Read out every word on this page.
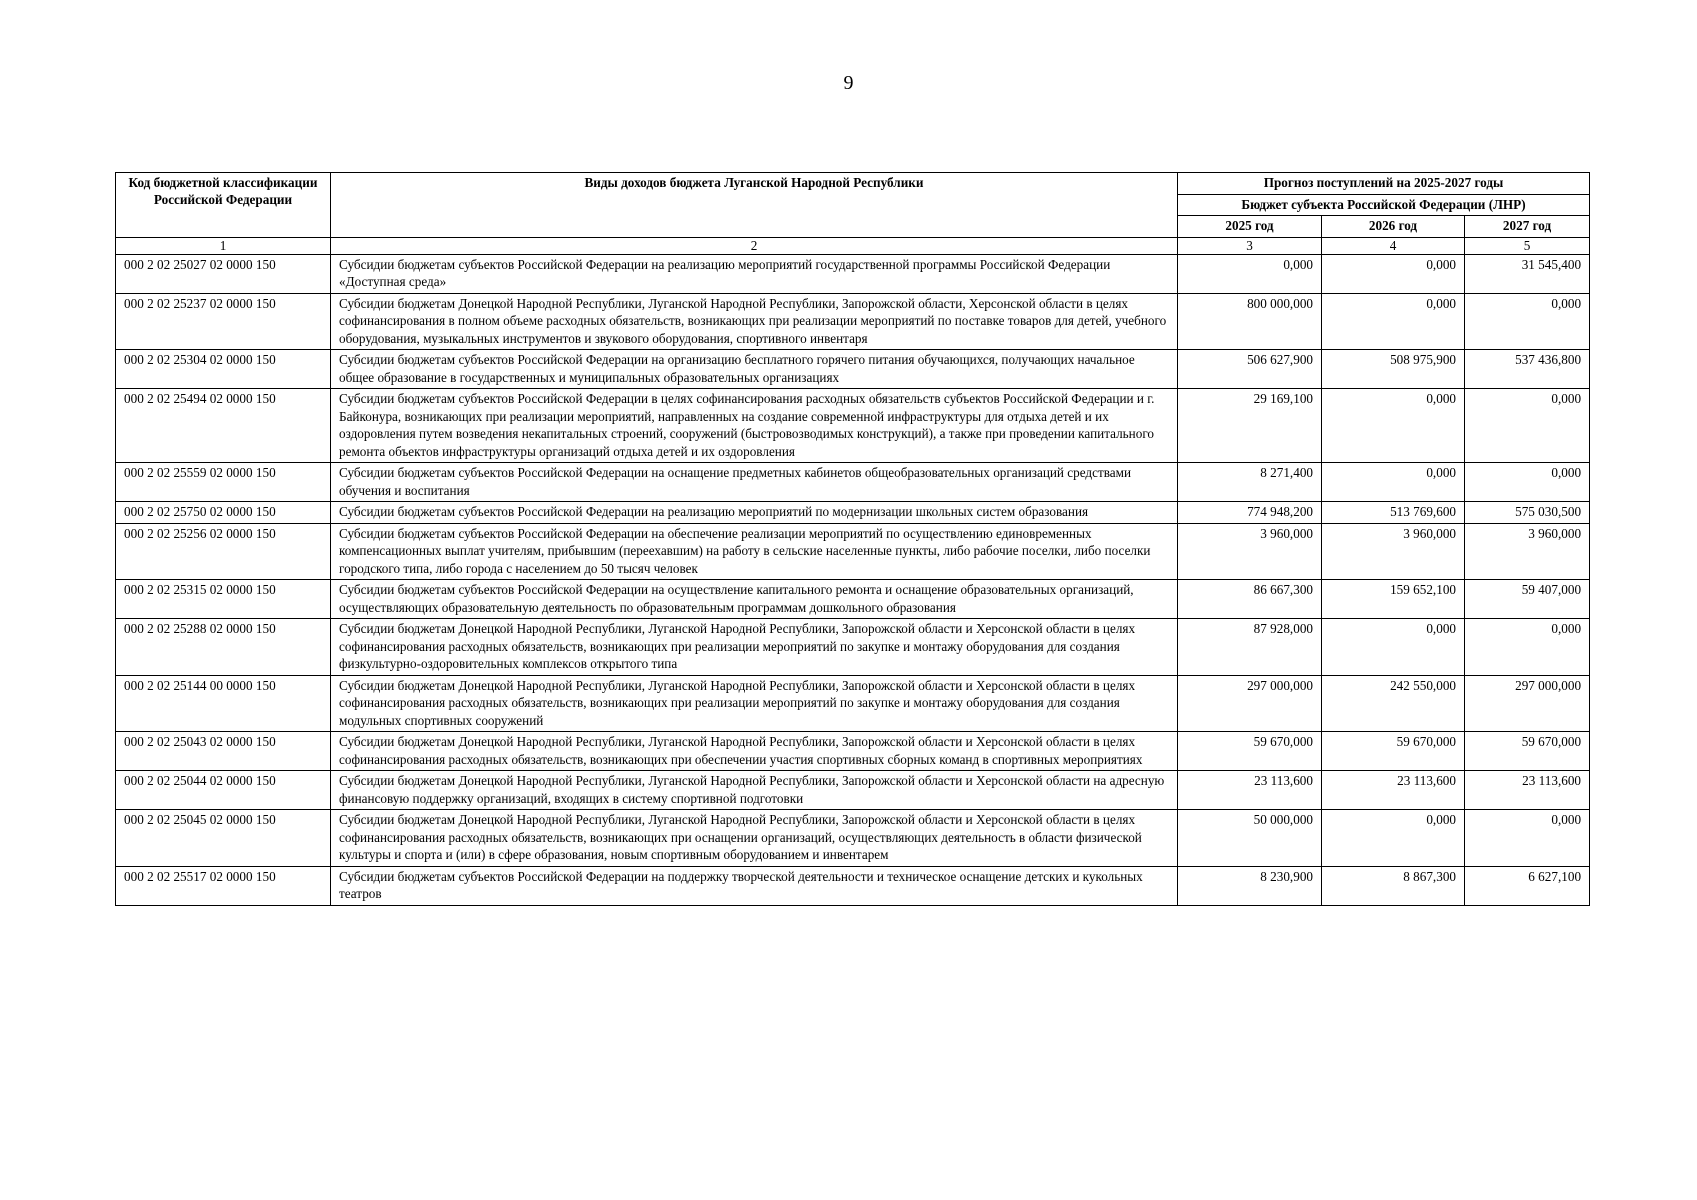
9
Код бюджетной классификации Российской Федерации	Виды доходов бюджета Луганской Народной Республики	Прогноз поступлений на 2025-2027 годы		
		Бюджет субъекта Российской Федерации (ЛНР)		
		2025 год	2026 год	2027 год
1	2	3	4	5
000 2 02 25027 02 0000 150	Субсидии бюджетам субъектов Российской Федерации на реализацию мероприятий государственной программы Российской Федерации «Доступная среда»	0,000	0,000	31 545,400
000 2 02 25237 02 0000 150	Субсидии бюджетам Донецкой Народной Республики, Луганской Народной Республики, Запорожской области, Херсонской области в целях софинансирования в полном объеме расходных обязательств, возникающих при реализации мероприятий по поставке товаров для детей, учебного оборудования, музыкальных инструментов и звукового оборудования, спортивного инвентаря	800 000,000	0,000	0,000
000 2 02 25304 02 0000 150	Субсидии бюджетам субъектов Российской Федерации на организацию бесплатного горячего питания обучающихся, получающих начальное общее образование в государственных и муниципальных образовательных организациях	506 627,900	508 975,900	537 436,800
000 2 02 25494 02 0000 150	Субсидии бюджетам субъектов Российской Федерации в целях софинансирования расходных обязательств субъектов Российской Федерации и г. Байконура, возникающих при реализации мероприятий, направленных на создание современной инфраструктуры для отдыха детей и их оздоровления путем возведения некапитальных строений, сооружений (быстровозводимых конструкций), а также при проведении капитального ремонта объектов инфраструктуры организаций отдыха детей и их оздоровления	29 169,100	0,000	0,000
000 2 02 25559 02 0000 150	Субсидии бюджетам субъектов Российской Федерации на оснащение предметных кабинетов общеобразовательных организаций средствами обучения и воспитания	8 271,400	0,000	0,000
000 2 02 25750 02 0000 150	Субсидии бюджетам субъектов Российской Федерации на реализацию мероприятий по модернизации школьных систем образования	774 948,200	513 769,600	575 030,500
000 2 02 25256 02 0000 150	Субсидии бюджетам субъектов Российской Федерации на обеспечение реализации мероприятий по осуществлению единовременных компенсационных выплат учителям, прибывшим (переехавшим) на работу в сельские населенные пункты, либо рабочие поселки, либо поселки городского типа, либо города с населением до 50 тысяч человек	3 960,000	3 960,000	3 960,000
000 2 02 25315 02 0000 150	Субсидии бюджетам субъектов Российской Федерации на осуществление капитального ремонта и оснащение образовательных организаций, осуществляющих образовательную деятельность по образовательным программам дошкольного образования	86 667,300	159 652,100	59 407,000
000 2 02 25288 02 0000 150	Субсидии бюджетам Донецкой Народной Республики, Луганской Народной Республики, Запорожской области и Херсонской области в целях софинансирования расходных обязательств, возникающих при реализации мероприятий по закупке и монтажу оборудования для создания физкультурно-оздоровительных комплексов открытого типа	87 928,000	0,000	0,000
000 2 02 25144 00 0000 150	Субсидии бюджетам Донецкой Народной Республики, Луганской Народной Республики, Запорожской области и Херсонской области в целях софинансирования расходных обязательств, возникающих при реализации мероприятий по закупке и монтажу оборудования для создания модульных спортивных сооружений	297 000,000	242 550,000	297 000,000
000 2 02 25043 02 0000 150	Субсидии бюджетам Донецкой Народной Республики, Луганской Народной Республики, Запорожской области и Херсонской области в целях софинансирования расходных обязательств, возникающих при обеспечении участия спортивных сборных команд в спортивных мероприятиях	59 670,000	59 670,000	59 670,000
000 2 02 25044 02 0000 150	Субсидии бюджетам Донецкой Народной Республики, Луганской Народной Республики, Запорожской области и Херсонской области на адресную финансовую поддержку организаций, входящих в систему спортивной подготовки	23 113,600	23 113,600	23 113,600
000 2 02 25045 02 0000 150	Субсидии бюджетам Донецкой Народной Республики, Луганской Народной Республики, Запорожской области и Херсонской области в целях софинансирования расходных обязательств, возникающих при оснащении организаций, осуществляющих деятельность в области физической культуры и спорта и (или) в сфере образования, новым спортивным оборудованием и инвентарем	50 000,000	0,000	0,000
000 2 02 25517 02 0000 150	Субсидии бюджетам субъектов Российской Федерации на поддержку творческой деятельности и техническое оснащение детских и кукольных театров	8 230,900	8 867,300	6 627,100
